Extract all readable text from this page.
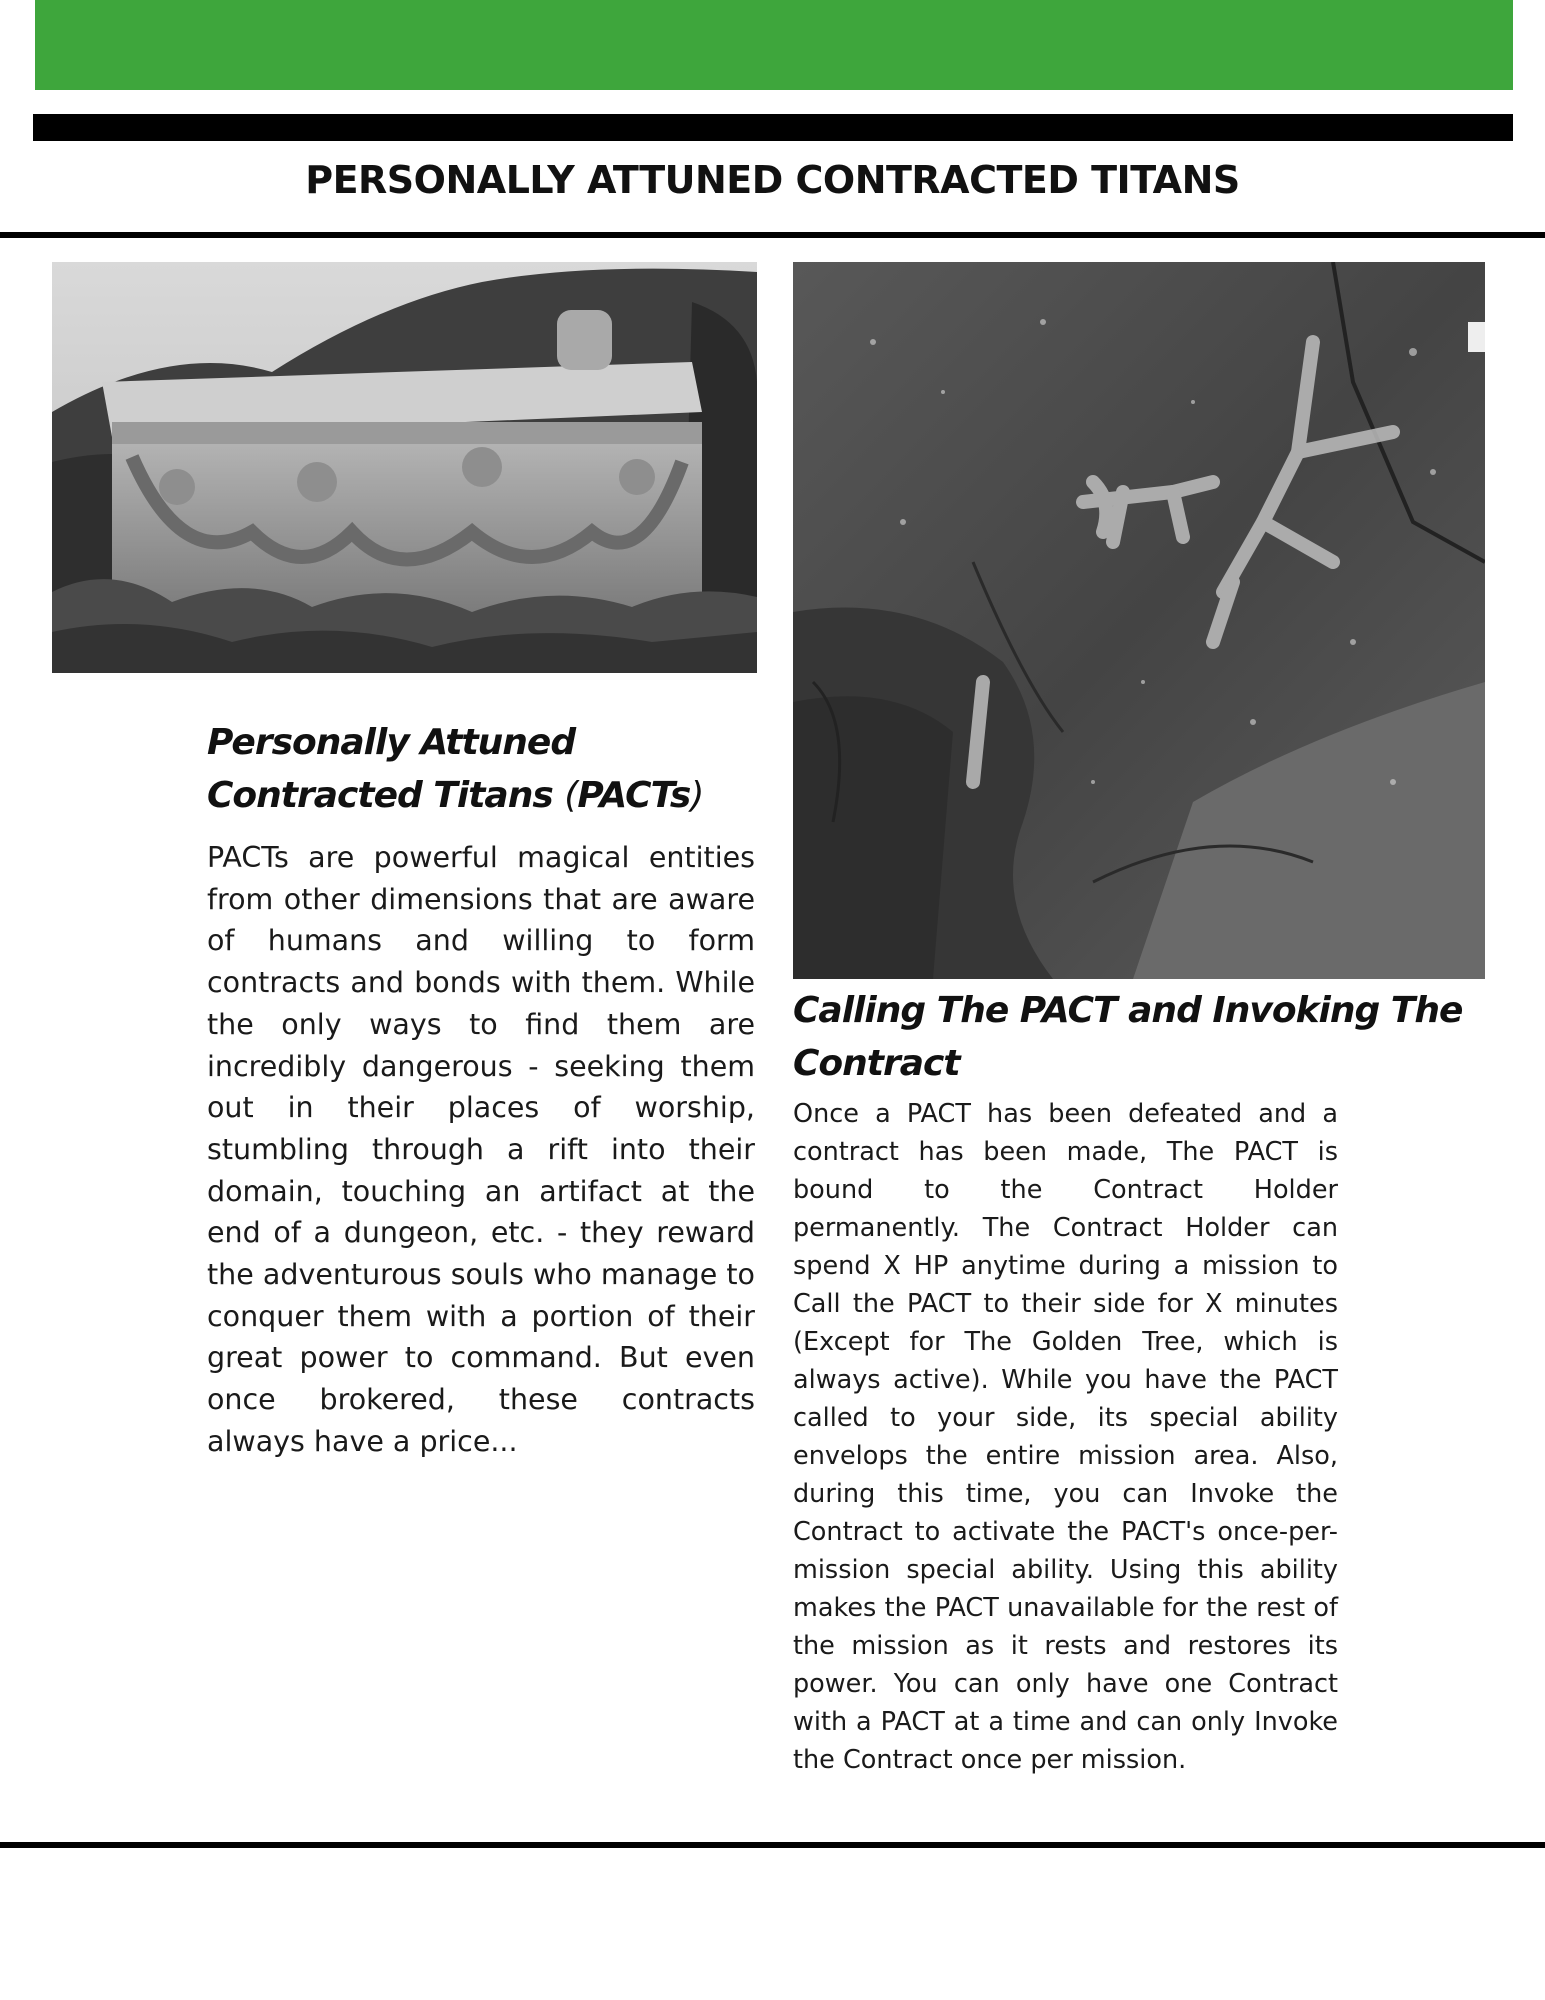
PERSONALLY ATTUNED CONTRACTED TITANS
Personally Attuned
Contracted Titans (PACTs)

PACTs are powerful magical entities from other dimensions that are aware of humans and willing to form contracts and bonds with them. While the only ways to find them are incredibly dangerous - seeking them out in their places of worship, stumbling through a rift into their domain, touching an artifact at the end of a dungeon, etc. - they reward the adventurous souls who manage to conquer them with a portion of their great power to command. But even once brokered, these contracts always have a price...

Calling The PACT and Invoking The Contract

Once a PACT has been defeated and a contract has been made, The PACT is bound to the Contract Holder permanently. The Contract Holder can spend X HP anytime during a mission to Call the PACT to their side for X minutes (Except for The Golden Tree, which is always active). While you have the PACT called to your side, its special ability envelops the entire mission area. Also, during this time, you can Invoke the Contract to activate the PACT's once-per-mission special ability. Using this ability makes the PACT unavailable for the rest of the mission as it rests and restores its power. You can only have one Contract with a PACT at a time and can only Invoke the Contract once per mission.
